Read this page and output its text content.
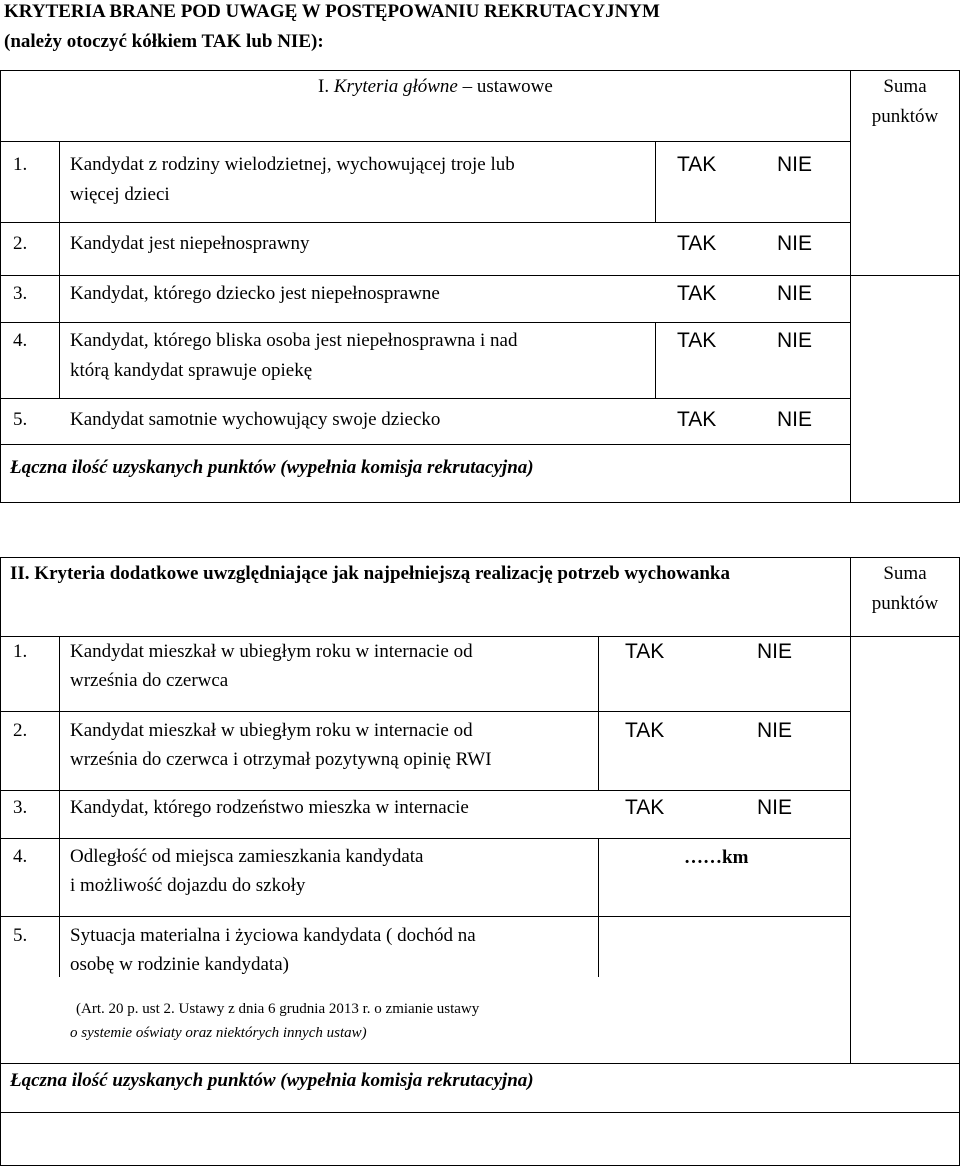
KRYTERIA BRANE POD UWAGĘ W POSTĘPOWANIU REKRUTACYJNYM
(należy otoczyć kółkiem TAK lub NIE):
I. Kryteria główne – ustawowe	Suma
punktów
1. Kandydat z rodziny wielodzietnej, wychowującej troje lub
więcej dzieci
TAK	NIE
2. Kandydat jest niepełnosprawny	TAK	NIE
3. Kandydat, którego dziecko jest niepełnosprawne	TAK	NIE
4. Kandydat, którego bliska osoba jest niepełnosprawna i nad
którą kandydat sprawuje opiekę
TAK	NIE
5. Kandydat samotnie wychowujący swoje dziecko	TAK	NIE
Łączna ilość uzyskanych punktów (wypełnia komisja rekrutacyjna)
II. Kryteria dodatkowe uwzględniające jak najpełniejszą realizację potrzeb wychowanka	Suma
punktów
1. Kandydat mieszkał w ubiegłym roku w internacie od
września do czerwca
TAK	NIE
2. Kandydat mieszkał w ubiegłym roku w internacie od
września do czerwca i otrzymał pozytywną opinię RWI
TAK	NIE
3. Kandydat, którego rodzeństwo mieszka w internacie	TAK	NIE
4. Odległość od miejsca zamieszkania kandydata
i możliwość dojazdu do szkoły
……km
5. Sytuacja materialna i życiowa kandydata ( dochód na
osobę w rodzinie kandydata)
(Art. 20 p. ust 2. Ustawy z dnia 6 grudnia 2013 r. o zmianie ustawy
o systemie oświaty oraz niektórych innych ustaw)
Łączna ilość uzyskanych punktów (wypełnia komisja rekrutacyjna)
